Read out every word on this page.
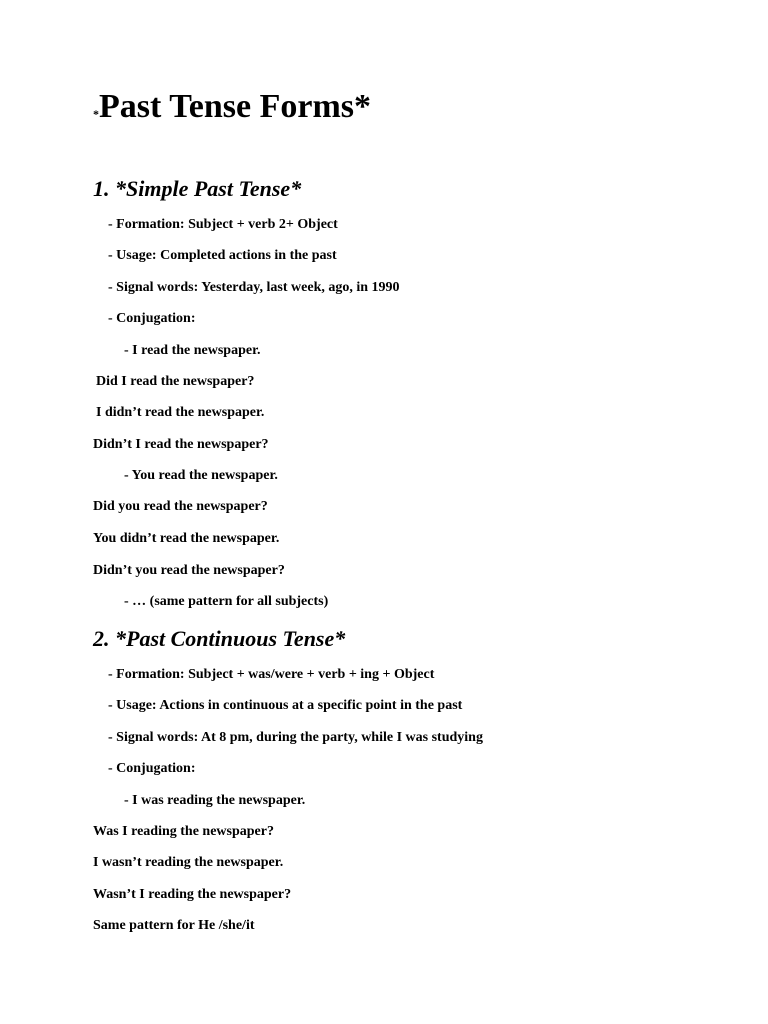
*Past Tense Forms*
1. *Simple Past Tense*

- Formation: Subject + verb 2+ Object

- Usage: Completed actions in the past

- Signal words: Yesterday, last week, ago, in 1990

- Conjugation:

- I read the newspaper.

Did I read the newspaper?

I didn’t read the newspaper.

Didn’t I read the newspaper?

- You read the newspaper.

Did you read the newspaper?

You didn’t read the newspaper.

Didn’t you read the newspaper?

- … (same pattern for all subjects)

2. *Past Continuous Tense*

- Formation: Subject + was/were + verb + ing + Object

- Usage: Actions in continuous at a specific point in the past

- Signal words: At 8 pm, during the party, while I was studying

- Conjugation:

- I was reading the newspaper.

Was I reading the newspaper?

I wasn’t reading the newspaper.

Wasn’t I reading the newspaper?

Same pattern for He /she/it
